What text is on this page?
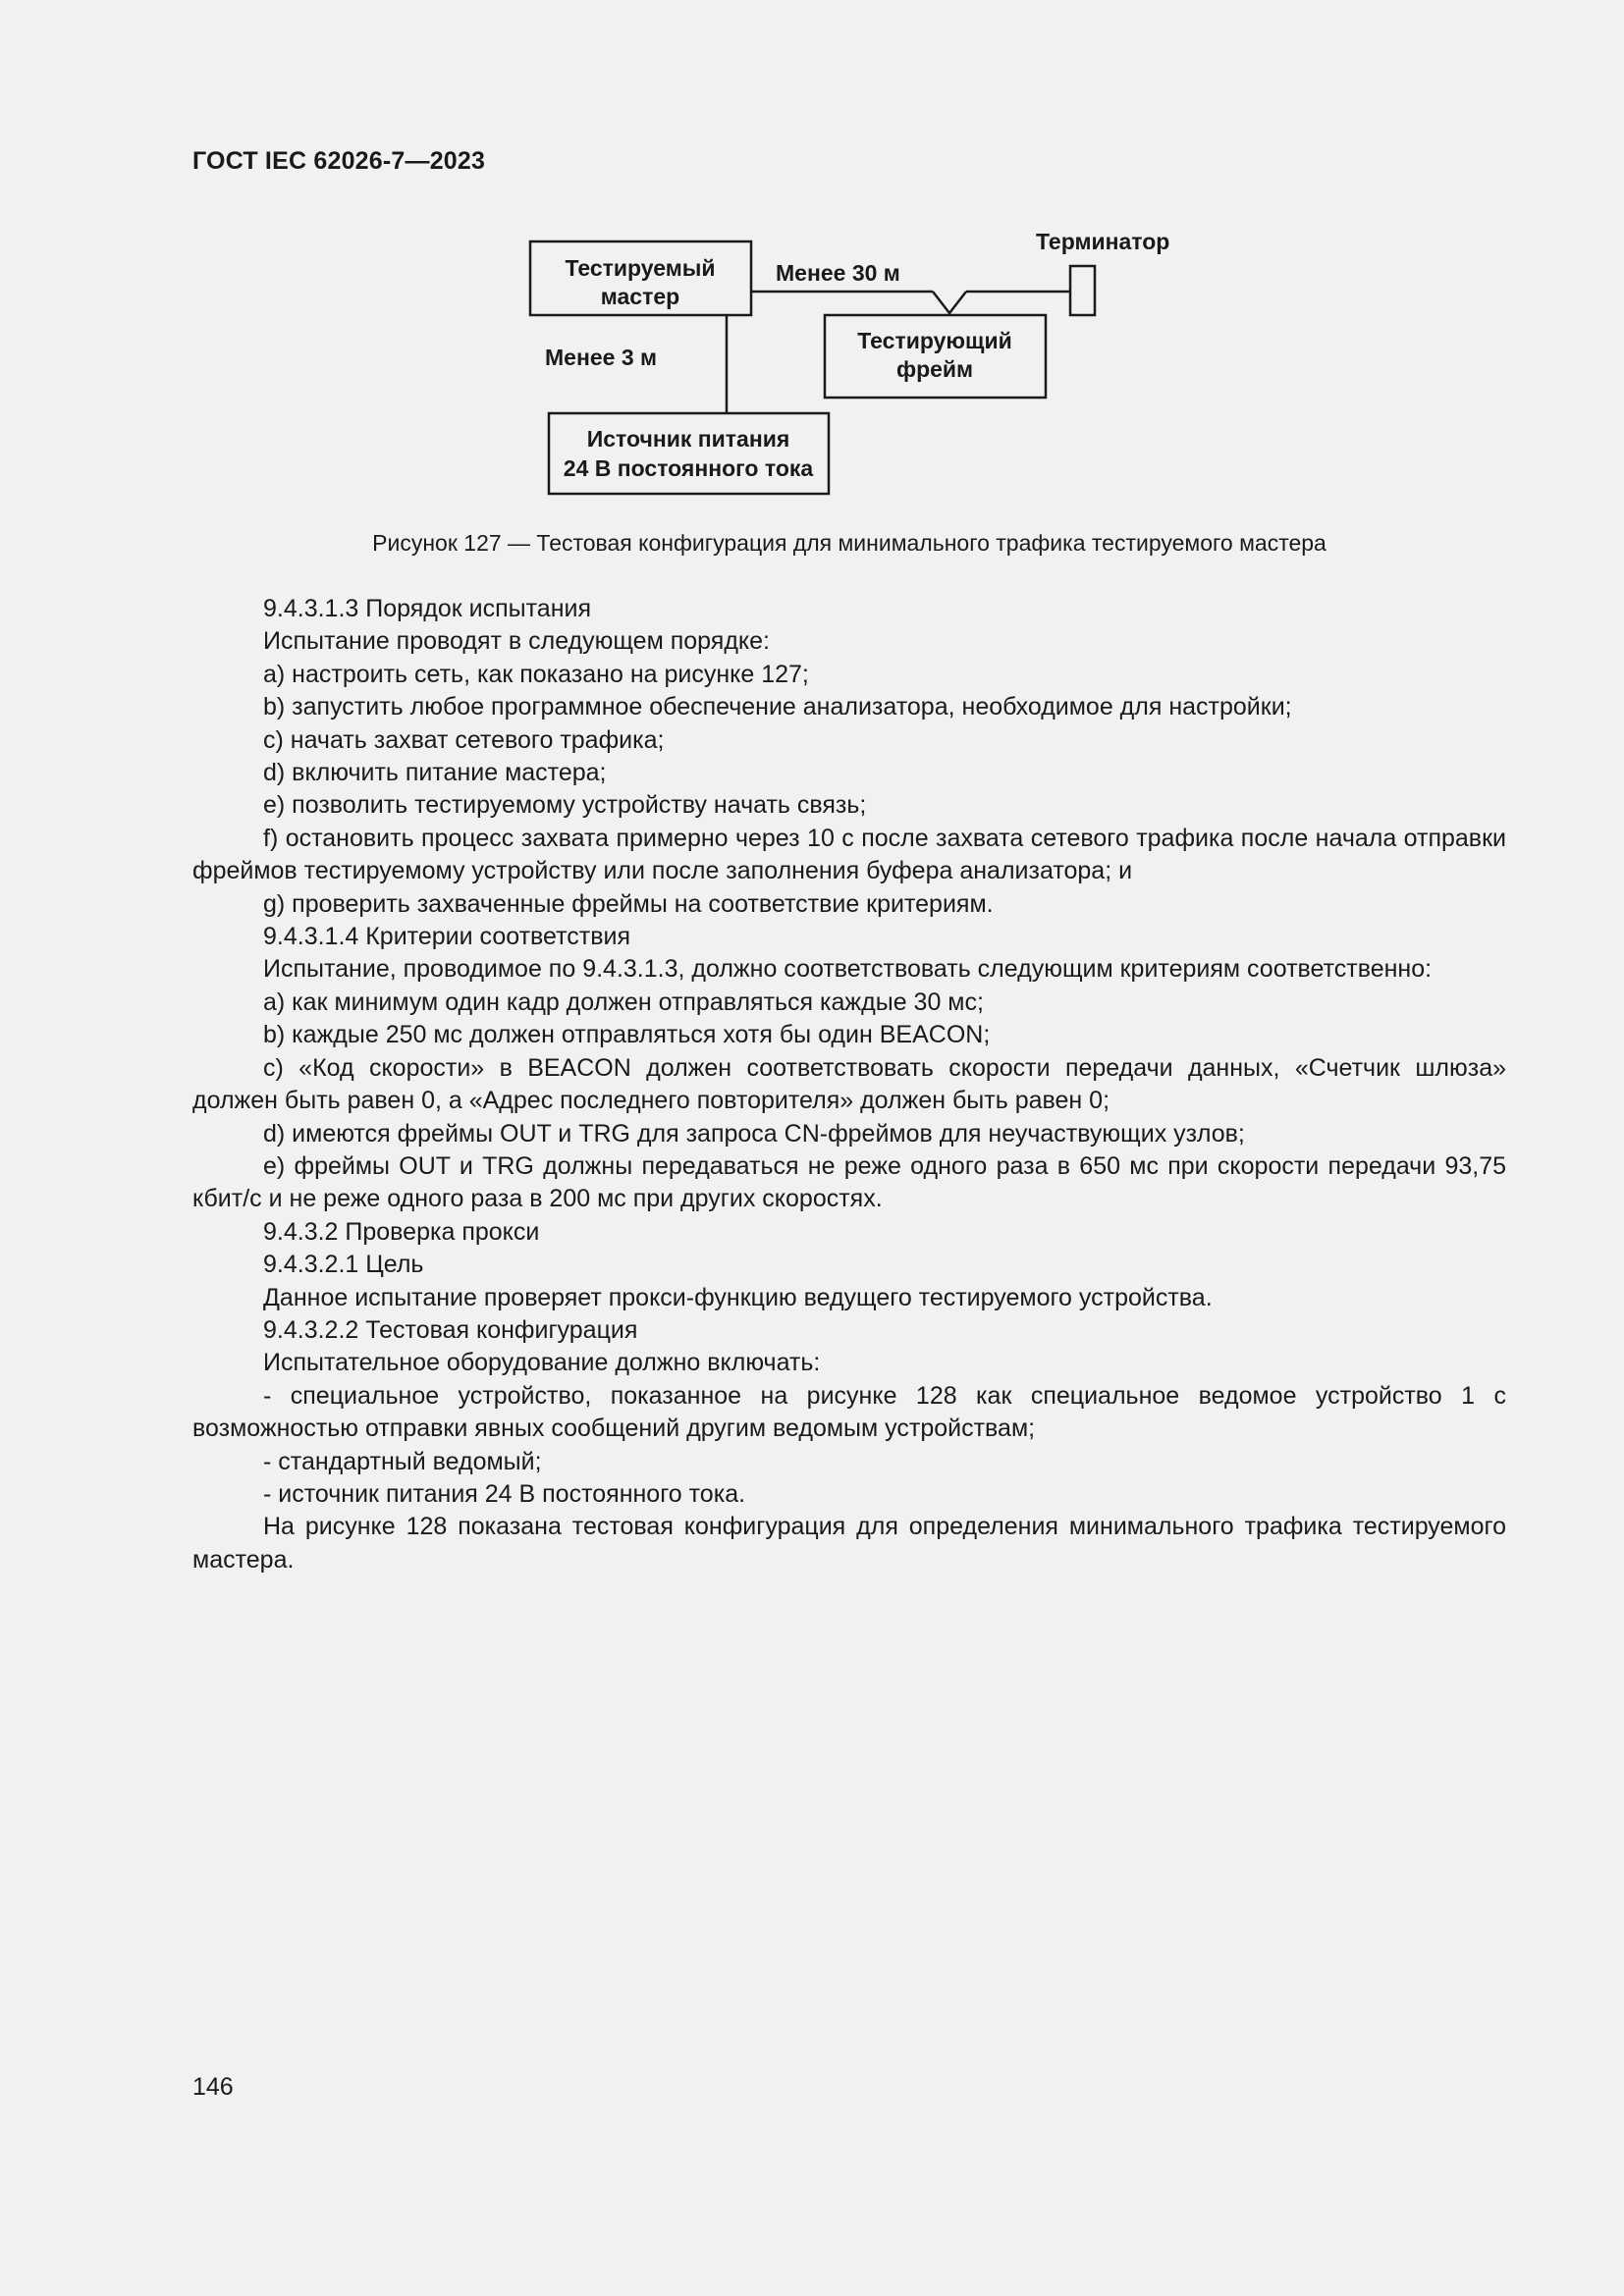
ГОСТ IEC 62026-7—2023
Тестируемый
мастер
Терминатор
Менее 30 м
Тестирующий
фрейм
Менее 3 м
Источник питания
24 В постоянного тока
Рисунок 127 — Тестовая конфигурация для минимального трафика тестируемого мастера

9.4.3.1.3 Порядок испытания

Испытание проводят в следующем порядке:

a) настроить сеть, как показано на рисунке 127;

b) запустить любое программное обеспечение анализатора, необходимое для настройки;

c) начать захват сетевого трафика;

d) включить питание мастера;

e) позволить тестируемому устройству начать связь;

f) остановить процесс захвата примерно через 10 с после захвата сетевого трафика после начала отправки фреймов тестируемому устройству или после заполнения буфера анализатора; и

g) проверить захваченные фреймы на соответствие критериям.

9.4.3.1.4 Критерии соответствия

Испытание, проводимое по 9.4.3.1.3, должно соответствовать следующим критериям соответственно:

a) как минимум один кадр должен отправляться каждые 30 мс;

b) каждые 250 мс должен отправляться хотя бы один BEACON;

c) «Код скорости» в BEACON должен соответствовать скорости передачи данных, «Счетчик шлюза» должен быть равен 0, а «Адрес последнего повторителя» должен быть равен 0;

d) имеются фреймы OUT и TRG для запроса CN-фреймов для неучаствующих узлов;

e) фреймы OUT и TRG должны передаваться не реже одного раза в 650 мс при скорости передачи 93,75 кбит/с и не реже одного раза в 200 мс при других скоростях.

9.4.3.2 Проверка прокси

9.4.3.2.1 Цель

Данное испытание проверяет прокси-функцию ведущего тестируемого устройства.

9.4.3.2.2 Тестовая конфигурация

Испытательное оборудование должно включать:

- специальное устройство, показанное на рисунке 128 как специальное ведомое устройство 1 с возможностью отправки явных сообщений другим ведомым устройствам;

- стандартный ведомый;

- источник питания 24 В постоянного тока.

На рисунке 128 показана тестовая конфигурация для определения минимального трафика тестируемого мастера.

146
